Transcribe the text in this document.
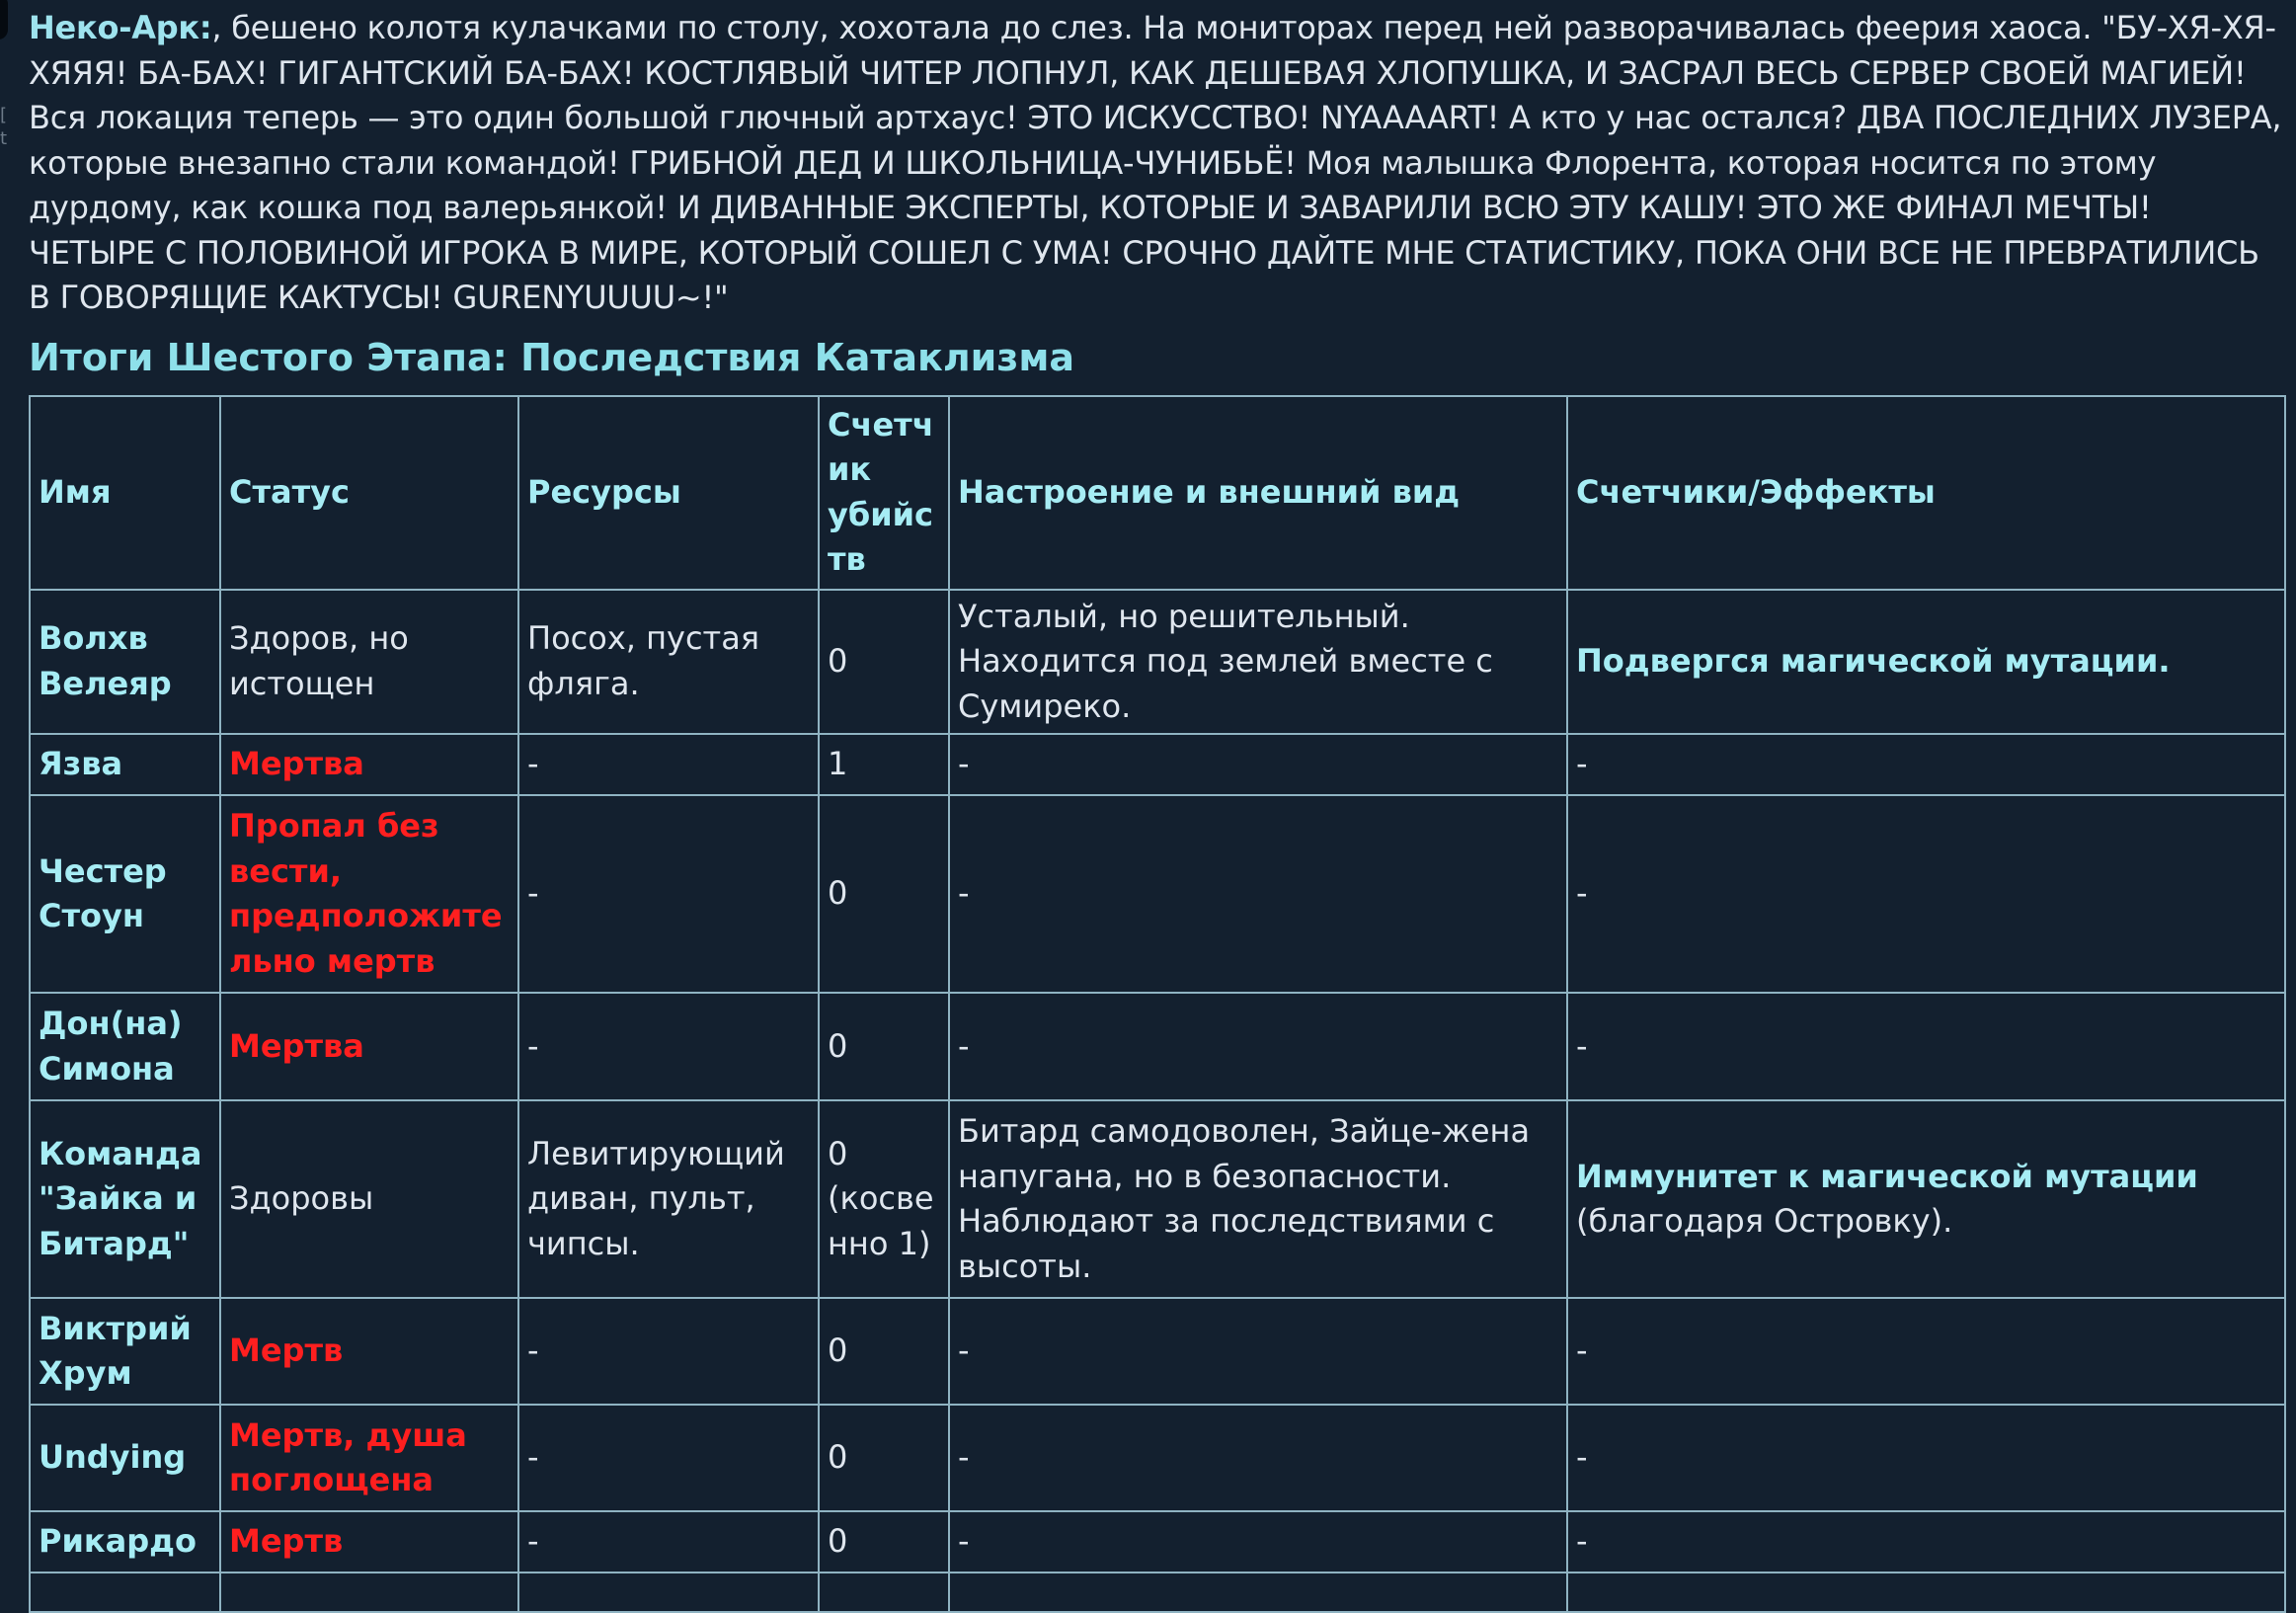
[
t

Неко-Арк:, бешено колотя кулачками по столу, хохотала до слез. На мониторах перед ней разворачивалась феерия хаоса. "БУ-ХЯ-ХЯ-ХЯЯЯ! БА-БАХ! ГИГАНТСКИЙ БА-БАХ! КОСТЛЯВЫЙ ЧИТЕР ЛОПНУЛ, КАК ДЕШЕВАЯ ХЛОПУШКА, И ЗАСРАЛ ВЕСЬ СЕРВЕР СВОЕЙ МАГИЕЙ! Вся локация теперь — это один большой глючный артхаус! ЭТО ИСКУССТВО! NYAAAART! А кто у нас остался? ДВА ПОСЛЕДНИХ ЛУЗЕРА, которые внезапно стали командой! ГРИБНОЙ ДЕД И ШКОЛЬНИЦА-ЧУНИБЬЁ! Моя малышка Флорента, которая носится по этому дурдому, как кошка под валерьянкой! И ДИВАННЫЕ ЭКСПЕРТЫ, КОТОРЫЕ И ЗАВАРИЛИ ВСЮ ЭТУ КАШУ! ЭТО ЖЕ ФИНАЛ МЕЧТЫ! ЧЕТЫРЕ С ПОЛОВИНОЙ ИГРОКА В МИРЕ, КОТОРЫЙ СОШЕЛ С УМА! СРОЧНО ДАЙТЕ МНЕ СТАТИСТИКУ, ПОКА ОНИ ВСЕ НЕ ПРЕВРАТИЛИСЬ В ГОВОРЯЩИЕ КАКТУСЫ! GURENYUUUU~!"

Итоги Шестого Этапа: Последствия Катаклизма
Имя	Статус	Ресурсы	Счетчик убийств	Настроение и внешний вид	Счетчики/Эффекты
Волхв Велеяр	Здоров, но истощен	Посох, пустая фляга.	0	Усталый, но решительный. Находится под землей вместе с Сумиреко.	Подвергся магической мутации.
Язва	Мертва	-	1	-	-
Честер Стоун	Пропал без вести, предположительно мертв	-	0	-	-
Дон(на) Симона	Мертва	-	0	-	-
Команда "Зайка и Битард"	Здоровы	Левитирующий диван, пульт, чипсы.	0 (косвенно 1)	Битард самодоволен, Зайце-жена напугана, но в безопасности. Наблюдают за последствиями с высоты.	Иммунитет к магической мутации (благодаря Островку).
Виктрий Хрум	Мертв	-	0	-	-
Undying	Мертв, душа поглощена	-	0	-	-
Рикардо	Мертв	-	0	-	-
